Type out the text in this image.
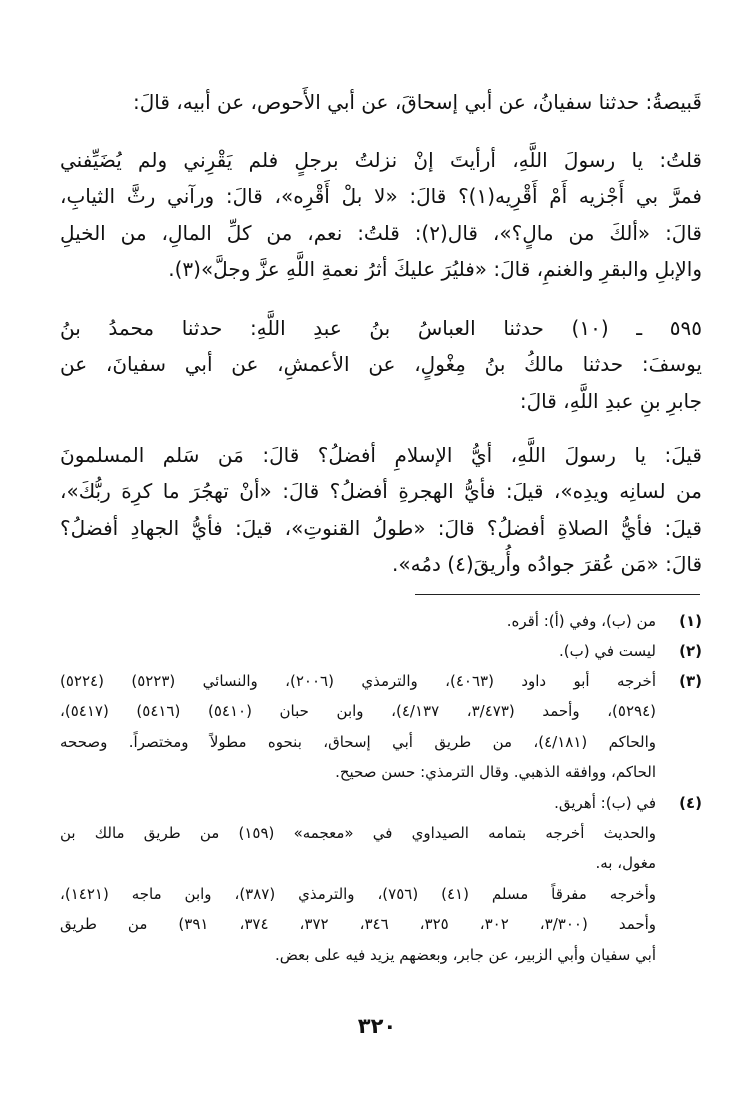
قَبيصةُ: حدثنا سفيانُ، عن أبي إسحاقَ، عن أبي الأَحوص، عن أبيه، قالَ:
قلتُ: يا رسولَ اللَّهِ، أرأيتَ إنْ نزلتُ برجلٍ فلم يَقْرِني ولم يُضَيِّفني
فمرَّ بي أَجْزيه أَمْ أَقْرِيه(١)؟ قالَ: «لا بلْ أَقْرِه»، قالَ: ورآني رثَّ الثيابِ،
قالَ: «ألكَ من مالٍ؟»، قال(٢): قلتُ: نعم، من كلِّ المالِ، من الخيلِ
والإبلِ والبقرِ والغنمِ، قالَ: «فليُرَ عليكَ أثرُ نعمةِ اللَّهِ عزَّ وجلَّ»(٣).
٥٩٥ ـ (١٠) حدثنا العباسُ بنُ عبدِ اللَّهِ: حدثنا محمدُ بنُ
يوسفَ: حدثنا مالكُ بنُ مِغْولٍ، عن الأعمشِ، عن أبي سفيانَ، عن
جابرِ بنِ عبدِ اللَّهِ، قالَ:
قيلَ: يا رسولَ اللَّهِ، أيُّ الإسلامِ أفضلُ؟ قالَ: مَن سَلم المسلمونَ
من لسانِه ويدِه»، قيلَ: فأيُّ الهجرةِ أفضلُ؟ قالَ: «أنْ تهجُرَ ما كرِهَ ربُّكَ»،
قيلَ: فأيُّ الصلاةِ أفضلُ؟ قالَ: «طولُ القنوتِ»، قيلَ: فأيُّ الجهادِ أفضلُ؟
قالَ: «مَن عُقرَ جوادُه وأُريقَ(٤) دمُه».
(١)
من (ب)، وفي (أ): أقره.
(٢)
ليست في (ب).
(٣)
أخرجه أبو داود (٤٠٦٣)، والترمذي (٢٠٠٦)، والنسائي (٥٢٢٣) (٥٢٢٤)
(٥٢٩٤)، وأحمد (٣/٤٧٣، ٤/١٣٧)، وابن حبان (٥٤١٠) (٥٤١٦) (٥٤١٧)،
والحاكم (٤/١٨١)، من طريق أبي إسحاق، بنحوه مطولاً ومختصراً. وصححه
الحاكم، ووافقه الذهبي. وقال الترمذي: حسن صحيح.
(٤)
في (ب): أهريق.
والحديث أخرجه بتمامه الصيداوي في «معجمه» (١٥٩) من طريق مالك بن
مغول، به.
وأخرجه مفرقاً مسلم (٤١) (٧٥٦)، والترمذي (٣٨٧)، وابن ماجه (١٤٢١)،
وأحمد (٣/٣٠٠، ٣٠٢، ٣٢٥، ٣٤٦، ٣٧٢، ٣٧٤، ٣٩١) من طريق
أبي سفيان وأبي الزبير، عن جابر، وبعضهم يزيد فيه على بعض.
٣٢٠
